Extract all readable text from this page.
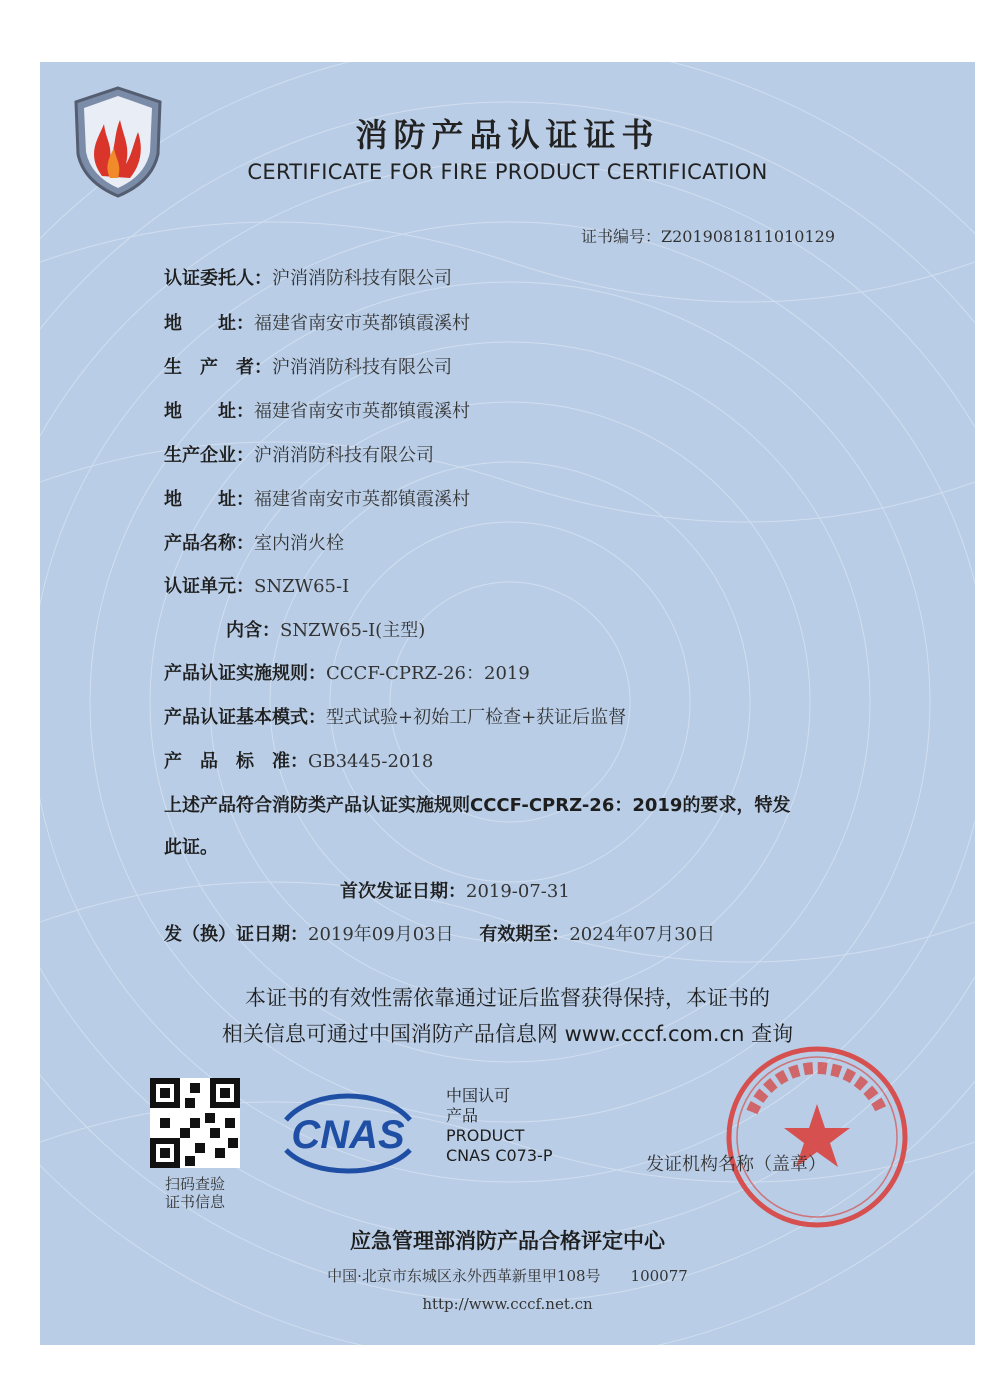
消防产品认证证书
CERTIFICATE FOR FIRE PRODUCT CERTIFICATION
证书编号：Z2019081811010129
认证委托人：沪消消防科技有限公司
地　　址：福建省南安市英都镇霞溪村
生　产　者：沪消消防科技有限公司
地　　址：福建省南安市英都镇霞溪村
生产企业：沪消消防科技有限公司
地　　址：福建省南安市英都镇霞溪村
产品名称：室内消火栓
认证单元：SNZW65-I
内含：SNZW65-I(主型)
产品认证实施规则：CCCF-CPRZ-26：2019
产品认证基本模式：型式试验+初始工厂检查+获证后监督
产　品　标　准：GB3445-2018
上述产品符合消防类产品认证实施规则CCCF-CPRZ-26：2019的要求，特发
此证。
首次发证日期：2019-07-31
发（换）证日期：2019年09月03日 有效期至：2024年07月30日
本证书的有效性需依靠通过证后监督获得保持，本证书的
相关信息可通过中国消防产品信息网 www.cccf.com.cn 查询
扫码查验
证书信息
CNAS
中国认可
产品
PRODUCT
CNAS C073-P	发证机构名称（盖章）
应急管理部消防产品合格评定中心
中国·北京市东城区永外西革新里甲108号　　100077
http://www.cccf.net.cn
